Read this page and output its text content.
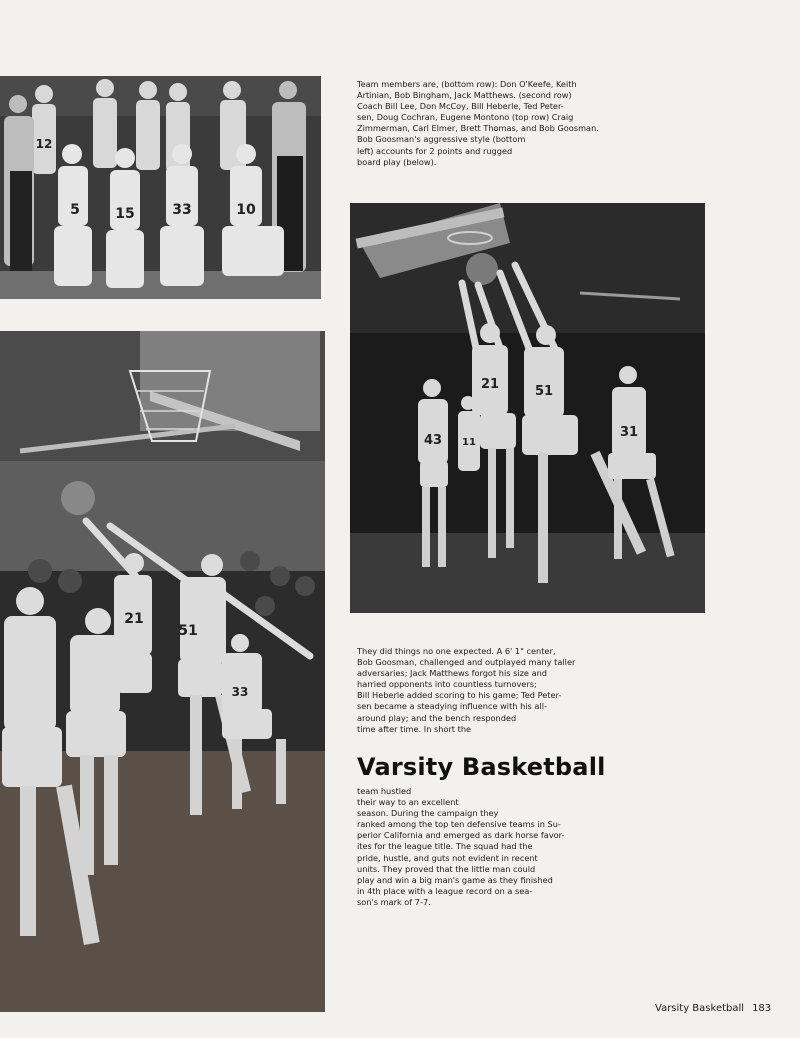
12
5	15	33	10

Team members are, (bottom row): Don O'Keefe, Keith
Artinian, Bob Bingham, Jack Matthews. (second row)
Coach Bill Lee, Don McCoy, Bill Heberle, Ted Peter-
sen, Doug Cochran, Eugene Montono (top row) Craig
Zimmerman, Carl Elmer, Brett Thomas, and Bob Goosman.
Bob Goosman's aggressive style (bottom
left) accounts for 2 points and rugged
board play (below).

43 11
21	51
31
21
51
33

They did things no one expected. A 6' 1" center,
Bob Goosman, challenged and outplayed many taller
adversaries; Jack Matthews forgot his size and
harried opponents into countless turnovers;
Bill Heberle added scoring to his game; Ted Peter-
sen became a steadying influence with his all-
around play; and the bench responded
time after time. In short the

Varsity Basketball

team hustled
their way to an excellent
season. During the campaign they
ranked among the top ten defensive teams in Su-
perior California and emerged as dark horse favor-
ites for the league title. The squad had the
pride, hustle, and guts not evident in recent
units. They proved that the little man could
play and win a big man's game as they finished
in 4th place with a league record on a sea-
son's mark of 7-7.

Varsity Basketball 183
